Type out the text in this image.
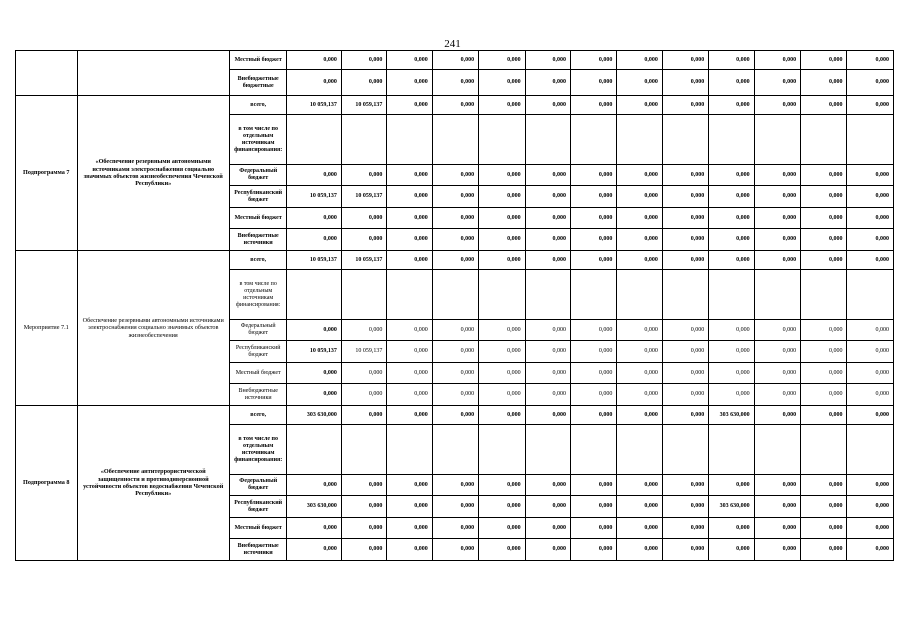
241
		Местный бюджет	0,000	0,000	0,000	0,000	0,000	0,000	0,000	0,000	0,000	0,000	0,000	0,000	0,000
		Внебюджетные бюджетные	0,000	0,000	0,000	0,000	0,000	0,000	0,000	0,000	0,000	0,000	0,000	0,000	0,000
Подпрограмма 7	«Обеспечение резервными автономными источниками электроснабжения социально значимых объектов жизнеобеспечения Чеченской Республики»	всего,	10 059,137	10 059,137	0,000	0,000	0,000	0,000	0,000	0,000	0,000	0,000	0,000	0,000	0,000
		в том числе по отдельным источникам финансирования:													
		Федеральный бюджет	0,000	0,000	0,000	0,000	0,000	0,000	0,000	0,000	0,000	0,000	0,000	0,000	0,000
		Республиканский бюджет	10 059,137	10 059,137	0,000	0,000	0,000	0,000	0,000	0,000	0,000	0,000	0,000	0,000	0,000
		Местный бюджет	0,000	0,000	0,000	0,000	0,000	0,000	0,000	0,000	0,000	0,000	0,000	0,000	0,000
		Внебюджетные источники	0,000	0,000	0,000	0,000	0,000	0,000	0,000	0,000	0,000	0,000	0,000	0,000	0,000
Мероприятие 7.1	Обеспечение резервными автономными источниками электроснабжения социально значимых объектов жизнеобеспечения	всего,	10 059,137	10 059,137	0,000	0,000	0,000	0,000	0,000	0,000	0,000	0,000	0,000	0,000	0,000
		в том числе по отдельным источникам финансирования:													
		Федеральный бюджет	0,000	0,000	0,000	0,000	0,000	0,000	0,000	0,000	0,000	0,000	0,000	0,000	0,000
		Республиканский бюджет	10 059,137	10 059,137	0,000	0,000	0,000	0,000	0,000	0,000	0,000	0,000	0,000	0,000	0,000
		Местный бюджет	0,000	0,000	0,000	0,000	0,000	0,000	0,000	0,000	0,000	0,000	0,000	0,000	0,000
		Внебюджетные источники	0,000	0,000	0,000	0,000	0,000	0,000	0,000	0,000	0,000	0,000	0,000	0,000	0,000
Подпрограмма 8	«Обеспечение антитеррористической защищенности и противодиверсионной устойчивости объектов водоснабжения Чеченской Республики»	всего,	303 630,000	0,000	0,000	0,000	0,000	0,000	0,000	0,000	0,000	303 630,000	0,000	0,000	0,000
		в том числе по отдельным источникам финансирования:													
		Федеральный бюджет	0,000	0,000	0,000	0,000	0,000	0,000	0,000	0,000	0,000	0,000	0,000	0,000	0,000
		Республиканский бюджет	303 630,000	0,000	0,000	0,000	0,000	0,000	0,000	0,000	0,000	303 630,000	0,000	0,000	0,000
		Местный бюджет	0,000	0,000	0,000	0,000	0,000	0,000	0,000	0,000	0,000	0,000	0,000	0,000	0,000
		Внебюджетные источники	0,000	0,000	0,000	0,000	0,000	0,000	0,000	0,000	0,000	0,000	0,000	0,000	0,000
